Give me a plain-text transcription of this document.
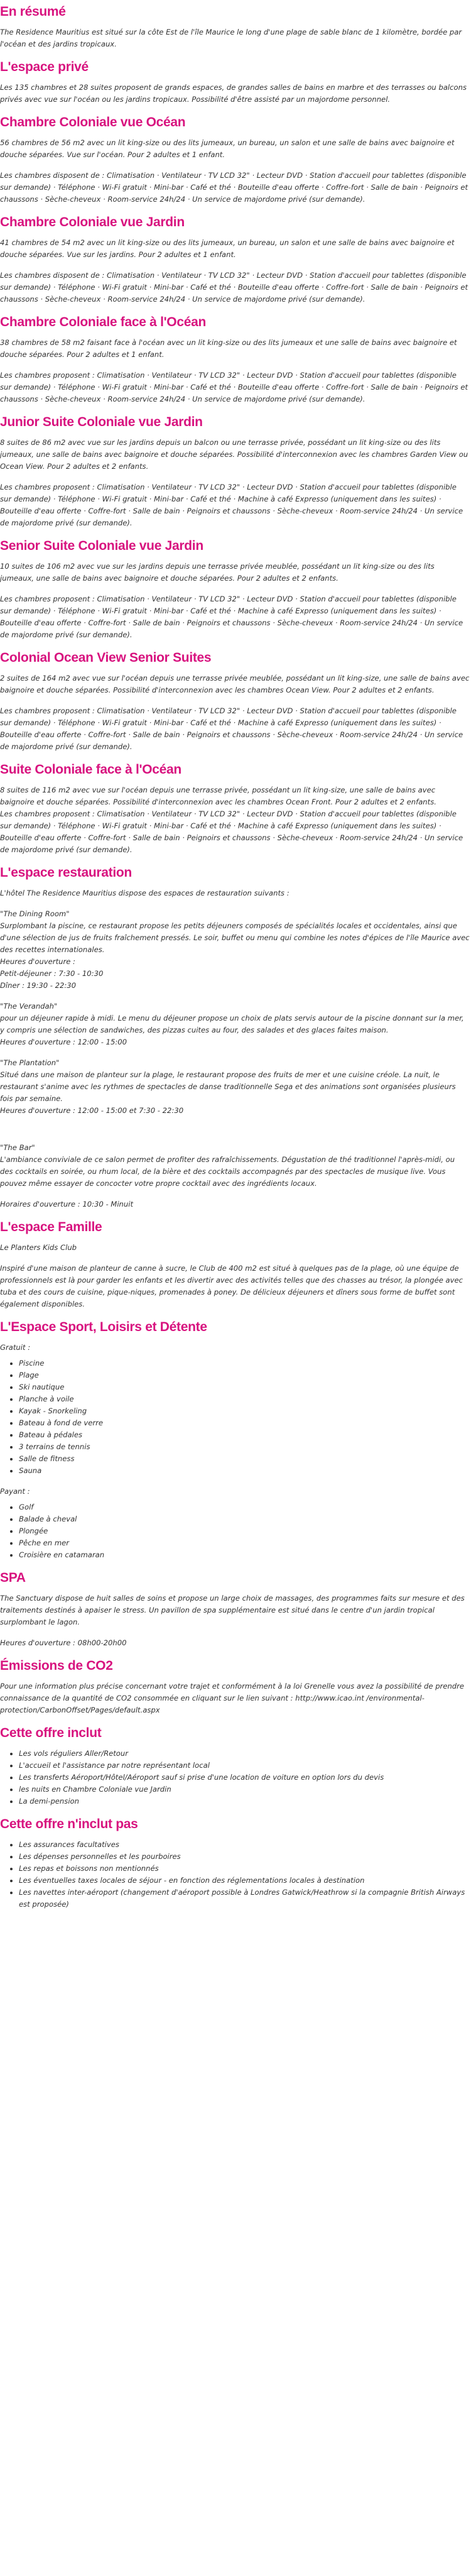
En résumé

The Residence Mauritius est situé sur la côte Est de l'île Maurice le long d'une plage de sable blanc de 1 kilomètre, bordée par l'océan et des jardins tropicaux.

L'espace privé

Les 135 chambres et 28 suites proposent de grands espaces, de grandes salles de bains en marbre et des terrasses ou balcons privés avec vue sur l'océan ou les jardins tropicaux. Possibilité d'être assisté par un majordome personnel.

Chambre Coloniale vue Océan

56 chambres de 56 m2 avec un lit king-size ou des lits jumeaux, un bureau, un salon et une salle de bains avec baignoire et douche séparées. Vue sur l'océan. Pour 2 adultes et 1 enfant.

Les chambres disposent de : Climatisation · Ventilateur · TV LCD 32" · Lecteur DVD · Station d'accueil pour tablettes (disponible sur demande) · Téléphone · Wi-Fi gratuit · Mini-bar · Café et thé · Bouteille d'eau offerte · Coffre-fort · Salle de bain · Peignoirs et chaussons · Sèche-cheveux · Room-service 24h/24 · Un service de majordome privé (sur demande).

Chambre Coloniale vue Jardin

41 chambres de 54 m2 avec un lit king-size ou des lits jumeaux, un bureau, un salon et une salle de bains avec baignoire et douche séparées. Vue sur les jardins. Pour 2 adultes et 1 enfant.

Les chambres disposent de : Climatisation · Ventilateur · TV LCD 32" · Lecteur DVD · Station d'accueil pour tablettes (disponible sur demande) · Téléphone · Wi-Fi gratuit · Mini-bar · Café et thé · Bouteille d'eau offerte · Coffre-fort · Salle de bain · Peignoirs et chaussons · Sèche-cheveux · Room-service 24h/24 · Un service de majordome privé (sur demande).

Chambre Coloniale face à l'Océan

38 chambres de 58 m2 faisant face à l'océan avec un lit king-size ou des lits jumeaux et une salle de bains avec baignoire et douche séparées. Pour 2 adultes et 1 enfant.

Les chambres proposent : Climatisation · Ventilateur · TV LCD 32" · Lecteur DVD · Station d'accueil pour tablettes (disponible sur demande) · Téléphone · Wi-Fi gratuit · Mini-bar · Café et thé · Bouteille d'eau offerte · Coffre-fort · Salle de bain · Peignoirs et chaussons · Sèche-cheveux · Room-service 24h/24 · Un service de majordome privé (sur demande).

Junior Suite Coloniale vue Jardin

8 suites de 86 m2 avec vue sur les jardins depuis un balcon ou une terrasse privée, possédant un lit king-size ou des lits jumeaux, une salle de bains avec baignoire et douche séparées. Possibilité d'interconnexion avec les chambres Garden View ou Ocean View. Pour 2 adultes et 2 enfants.

Les chambres proposent : Climatisation · Ventilateur · TV LCD 32" · Lecteur DVD · Station d'accueil pour tablettes (disponible sur demande) · Téléphone · Wi-Fi gratuit · Mini-bar · Café et thé · Machine à café Expresso (uniquement dans les suites) · Bouteille d'eau offerte · Coffre-fort · Salle de bain · Peignoirs et chaussons · Sèche-cheveux · Room-service 24h/24 · Un service de majordome privé (sur demande).

Senior Suite Coloniale vue Jardin

10 suites de 106 m2 avec vue sur les jardins depuis une terrasse privée meublée, possédant un lit king-size ou des lits jumeaux, une salle de bains avec baignoire et douche séparées. Pour 2 adultes et 2 enfants.

Les chambres proposent : Climatisation · Ventilateur · TV LCD 32" · Lecteur DVD · Station d'accueil pour tablettes (disponible sur demande) · Téléphone · Wi-Fi gratuit · Mini-bar · Café et thé · Machine à café Expresso (uniquement dans les suites) · Bouteille d'eau offerte · Coffre-fort · Salle de bain · Peignoirs et chaussons · Sèche-cheveux · Room-service 24h/24 · Un service de majordome privé (sur demande).

Colonial Ocean View Senior Suites

2 suites de 164 m2 avec vue sur l'océan depuis une terrasse privée meublée, possédant un lit king-size, une salle de bains avec baignoire et douche séparées. Possibilité d'interconnexion avec les chambres Ocean View. Pour 2 adultes et 2 enfants.

Les chambres proposent : Climatisation · Ventilateur · TV LCD 32" · Lecteur DVD · Station d'accueil pour tablettes (disponible sur demande) · Téléphone · Wi-Fi gratuit · Mini-bar · Café et thé · Machine à café Expresso (uniquement dans les suites) · Bouteille d'eau offerte · Coffre-fort · Salle de bain · Peignoirs et chaussons · Sèche-cheveux · Room-service 24h/24 · Un service de majordome privé (sur demande).

Suite Coloniale face à l'Océan

8 suites de 116 m2 avec vue sur l'océan depuis une terrasse privée, possédant un lit king-size, une salle de bains avec baignoire et douche séparées. Possibilité d'interconnexion avec les chambres Ocean Front. Pour 2 adultes et 2 enfants.

Les chambres proposent : Climatisation · Ventilateur · TV LCD 32" · Lecteur DVD · Station d'accueil pour tablettes (disponible sur demande) · Téléphone · Wi-Fi gratuit · Mini-bar · Café et thé · Machine à café Expresso (uniquement dans les suites) · Bouteille d'eau offerte · Coffre-fort · Salle de bain · Peignoirs et chaussons · Sèche-cheveux · Room-service 24h/24 · Un service de majordome privé (sur demande).

L'espace restauration

L'hôtel The Residence Mauritius dispose des espaces de restauration suivants :

"The Dining Room"
Surplombant la piscine, ce restaurant propose les petits déjeuners composés de spécialités locales et occidentales, ainsi que d'une sélection de jus de fruits fraîchement pressés. Le soir, buffet ou menu qui combine les notes d'épices de l'île Maurice avec des recettes internationales.
Heures d'ouverture :
Petit-déjeuner : 7:30 - 10:30
Dîner : 19:30 - 22:30

"The Verandah"
pour un déjeuner rapide à midi. Le menu du déjeuner propose un choix de plats servis autour de la piscine donnant sur la mer, y compris une sélection de sandwiches, des pizzas cuites au four, des salades et des glaces faites maison.
Heures d'ouverture : 12:00 - 15:00

"The Plantation"
Situé dans une maison de planteur sur la plage, le restaurant propose des fruits de mer et une cuisine créole. La nuit, le restaurant s'anime avec les rythmes de spectacles de danse traditionnelle Sega et des animations sont organisées plusieurs fois par semaine.
Heures d'ouverture : 12:00 - 15:00 et 7:30 - 22:30

"The Bar"
L'ambiance conviviale de ce salon permet de profiter des rafraîchissements. Dégustation de thé traditionnel l'après-midi, ou des cocktails en soirée, ou rhum local, de la bière et des cocktails accompagnés par des spectacles de musique live. Vous pouvez même essayer de concocter votre propre cocktail avec des ingrédients locaux.

Horaires d'ouverture : 10:30 - Minuit

L'espace Famille

Le Planters Kids Club

Inspiré d'une maison de planteur de canne à sucre, le Club de 400 m2 est situé à quelques pas de la plage, où une équipe de professionnels est là pour garder les enfants et les divertir avec des activités telles que des chasses au trésor, la plongée avec tuba et des cours de cuisine, pique-niques, promenades à poney. De délicieux déjeuners et dîners sous forme de buffet sont également disponibles.

L'Espace Sport, Loisirs et Détente

Gratuit :

• Piscine
• Plage
• Ski nautique
• Planche à voile
• Kayak - Snorkeling
• Bateau à fond de verre
• Bateau à pédales
• 3 terrains de tennis
• Salle de fitness
• Sauna

Payant :

• Golf
• Balade à cheval
• Plongée
• Pêche en mer
• Croisière en catamaran
SPA

The Sanctuary dispose de huit salles de soins et propose un large choix de massages, des programmes faits sur mesure et des traitements destinés à apaiser le stress. Un pavillon de spa supplémentaire est situé dans le centre d'un jardin tropical surplombant le lagon.

Heures d'ouverture : 08h00-20h00

Émissions de CO2

Pour une information plus précise concernant votre trajet et conformément à la loi Grenelle vous avez la possibilité de prendre connaissance de la quantité de CO2 consommée en cliquant sur le lien suivant : http://www.icao.int /environmental-protection/CarbonOffset/Pages/default.aspx

Cette offre inclut
• Les vols réguliers Aller/Retour
• L'accueil et l'assistance par notre représentant local
• Les transferts Aéroport/Hôtel/Aéroport sauf si prise d'une location de voiture en option lors du devis
• les nuits en Chambre Coloniale vue Jardin
• La demi-pension
Cette offre n'inclut pas
• Les assurances facultatives
• Les dépenses personnelles et les pourboires
• Les repas et boissons non mentionnés
• Les éventuelles taxes locales de séjour - en fonction des réglementations locales à destination
• Les navettes inter-aéroport (changement d'aéroport possible à Londres Gatwick/Heathrow si la compagnie British Airways est proposée)
